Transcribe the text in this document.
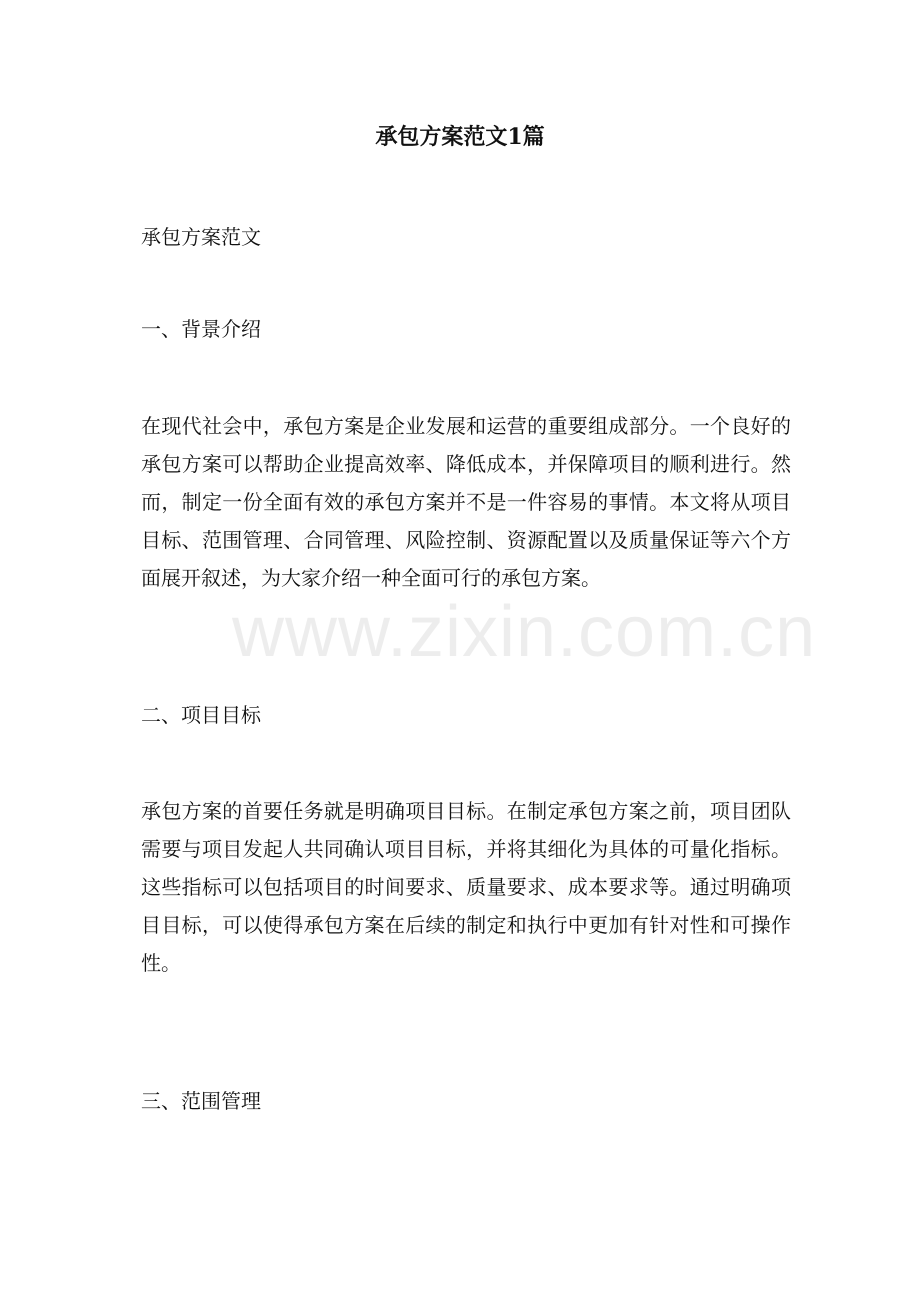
承包方案范文1篇

承包方案范文

一、背景介绍

在现代社会中，承包方案是企业发展和运营的重要组成部分。一个良好的承包方案可以帮助企业提高效率、降低成本，并保障项目的顺利进行。然而，制定一份全面有效的承包方案并不是一件容易的事情。本文将从项目目标、范围管理、合同管理、风险控制、资源配置以及质量保证等六个方面展开叙述，为大家介绍一种全面可行的承包方案。

二、项目目标

承包方案的首要任务就是明确项目目标。在制定承包方案之前，项目团队需要与项目发起人共同确认项目目标，并将其细化为具体的可量化指标。这些指标可以包括项目的时间要求、质量要求、成本要求等。通过明确项目目标，可以使得承包方案在后续的制定和执行中更加有针对性和可操作性。

三、范围管理

www.zixin.com.cn
